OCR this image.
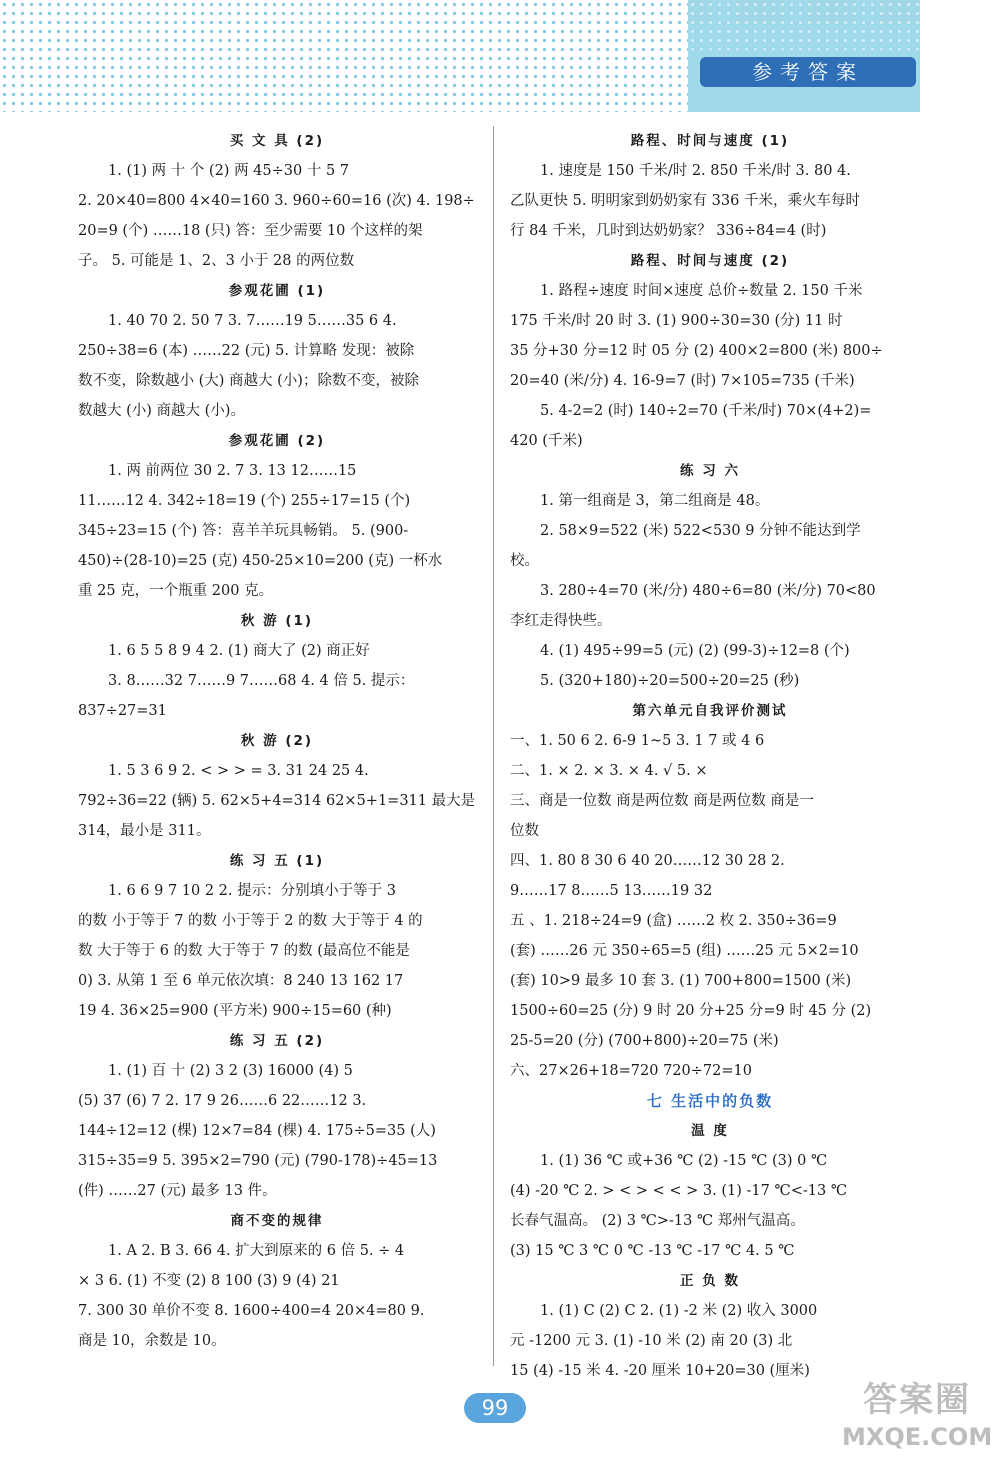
参考答案
买 文 具 (2)
1. (1) 两 十 个 (2) 两 45÷30 十 5 7
2. 20×40=800 4×40=160 3. 960÷60=16 (次) 4. 198÷
20=9 (个) ……18 (只) 答：至少需要 10 个这样的架
子。 5. 可能是 1、2、3 小于 28 的两位数
参观花圃 (1)
1. 40 70 2. 50 7 3. 7……19 5……35 6 4.
250÷38=6 (本) ……22 (元) 5. 计算略 发现：被除
数不变，除数越小 (大) 商越大 (小)；除数不变，被除
数越大 (小) 商越大 (小)。
参观花圃 (2)
1. 两 前两位 30 2. 7 3. 13 12……15
11……12 4. 342÷18=19 (个) 255÷17=15 (个)
345÷23=15 (个) 答：喜羊羊玩具畅销。 5. (900-
450)÷(28-10)=25 (克) 450-25×10=200 (克) 一杯水
重 25 克，一个瓶重 200 克。
秋 游 (1)
1. 6 5 5 8 9 4 2. (1) 商大了 (2) 商正好
3. 8……32 7……9 7……68 4. 4 倍 5. 提示：
837÷27=31
秋 游 (2)
1. 5 3 6 9 2. < > > = 3. 31 24 25 4.
792÷36=22 (辆) 5. 62×5+4=314 62×5+1=311 最大是
314，最小是 311。
练 习 五 (1)
1. 6 6 9 7 10 2 2. 提示：分别填小于等于 3
的数 小于等于 7 的数 小于等于 2 的数 大于等于 4 的
数 大于等于 6 的数 大于等于 7 的数 (最高位不能是
0) 3. 从第 1 至 6 单元依次填：8 240 13 162 17
19 4. 36×25=900 (平方米) 900÷15=60 (种)
练 习 五 (2)
1. (1) 百 十 (2) 3 2 (3) 16000 (4) 5
(5) 37 (6) 7 2. 17 9 26……6 22……12 3.
144÷12=12 (棵) 12×7=84 (棵) 4. 175÷5=35 (人)
315÷35=9 5. 395×2=790 (元) (790-178)÷45=13
(件) ……27 (元) 最多 13 件。
商不变的规律
1. A 2. B 3. 66 4. 扩大到原来的 6 倍 5. ÷ 4
× 3 6. (1) 不变 (2) 8 100 (3) 9 (4) 21
7. 300 30 单价不变 8. 1600÷400=4 20×4=80 9.
商是 10，余数是 10。
路程、时间与速度 (1)
1. 速度是 150 千米/时 2. 850 千米/时 3. 80 4.
乙队更快 5. 明明家到奶奶家有 336 千米，乘火车每时
行 84 千米，几时到达奶奶家？ 336÷84=4 (时)
路程、时间与速度 (2)
1. 路程÷速度 时间×速度 总价÷数量 2. 150 千米
175 千米/时 20 时 3. (1) 900÷30=30 (分) 11 时
35 分+30 分=12 时 05 分 (2) 400×2=800 (米) 800÷
20=40 (米/分) 4. 16-9=7 (时) 7×105=735 (千米)
5. 4-2=2 (时) 140÷2=70 (千米/时) 70×(4+2)=
420 (千米)
练 习 六
1. 第一组商是 3，第二组商是 48。
2. 58×9=522 (米) 522<530 9 分钟不能达到学
校。
3. 280÷4=70 (米/分) 480÷6=80 (米/分) 70<80
李红走得快些。
4. (1) 495÷99=5 (元) (2) (99-3)÷12=8 (个)
5. (320+180)÷20=500÷20=25 (秒)
第六单元自我评价测试
一、1. 50 6 2. 6-9 1~5 3. 1 7 或 4 6
二、1. × 2. × 3. × 4. √ 5. ×
三、商是一位数 商是两位数 商是两位数 商是一
位数
四、1. 80 8 30 6 40 20……12 30 28 2.
9……17 8……5 13……19 32
五 、1. 218÷24=9 (盒) ……2 枚 2. 350÷36=9
(套) ……26 元 350÷65=5 (组) ……25 元 5×2=10
(套) 10>9 最多 10 套 3. (1) 700+800=1500 (米)
1500÷60=25 (分) 9 时 20 分+25 分=9 时 45 分 (2)
25-5=20 (分) (700+800)÷20=75 (米)
六、27×26+18=720 720÷72=10
七 生活中的负数
温 度
1. (1) 36 ℃ 或+36 ℃ (2) -15 ℃ (3) 0 ℃
(4) -20 ℃ 2. > < > < < > 3. (1) -17 ℃<-13 ℃
长春气温高。 (2) 3 ℃>-13 ℃ 郑州气温高。
(3) 15 ℃ 3 ℃ 0 ℃ -13 ℃ -17 ℃ 4. 5 ℃
正 负 数
1. (1) C (2) C 2. (1) -2 米 (2) 收入 3000
元 -1200 元 3. (1) -10 米 (2) 南 20 (3) 北
15 (4) -15 米 4. -20 厘米 10+20=30 (厘米)
99	答案圈
MXQE.COM
